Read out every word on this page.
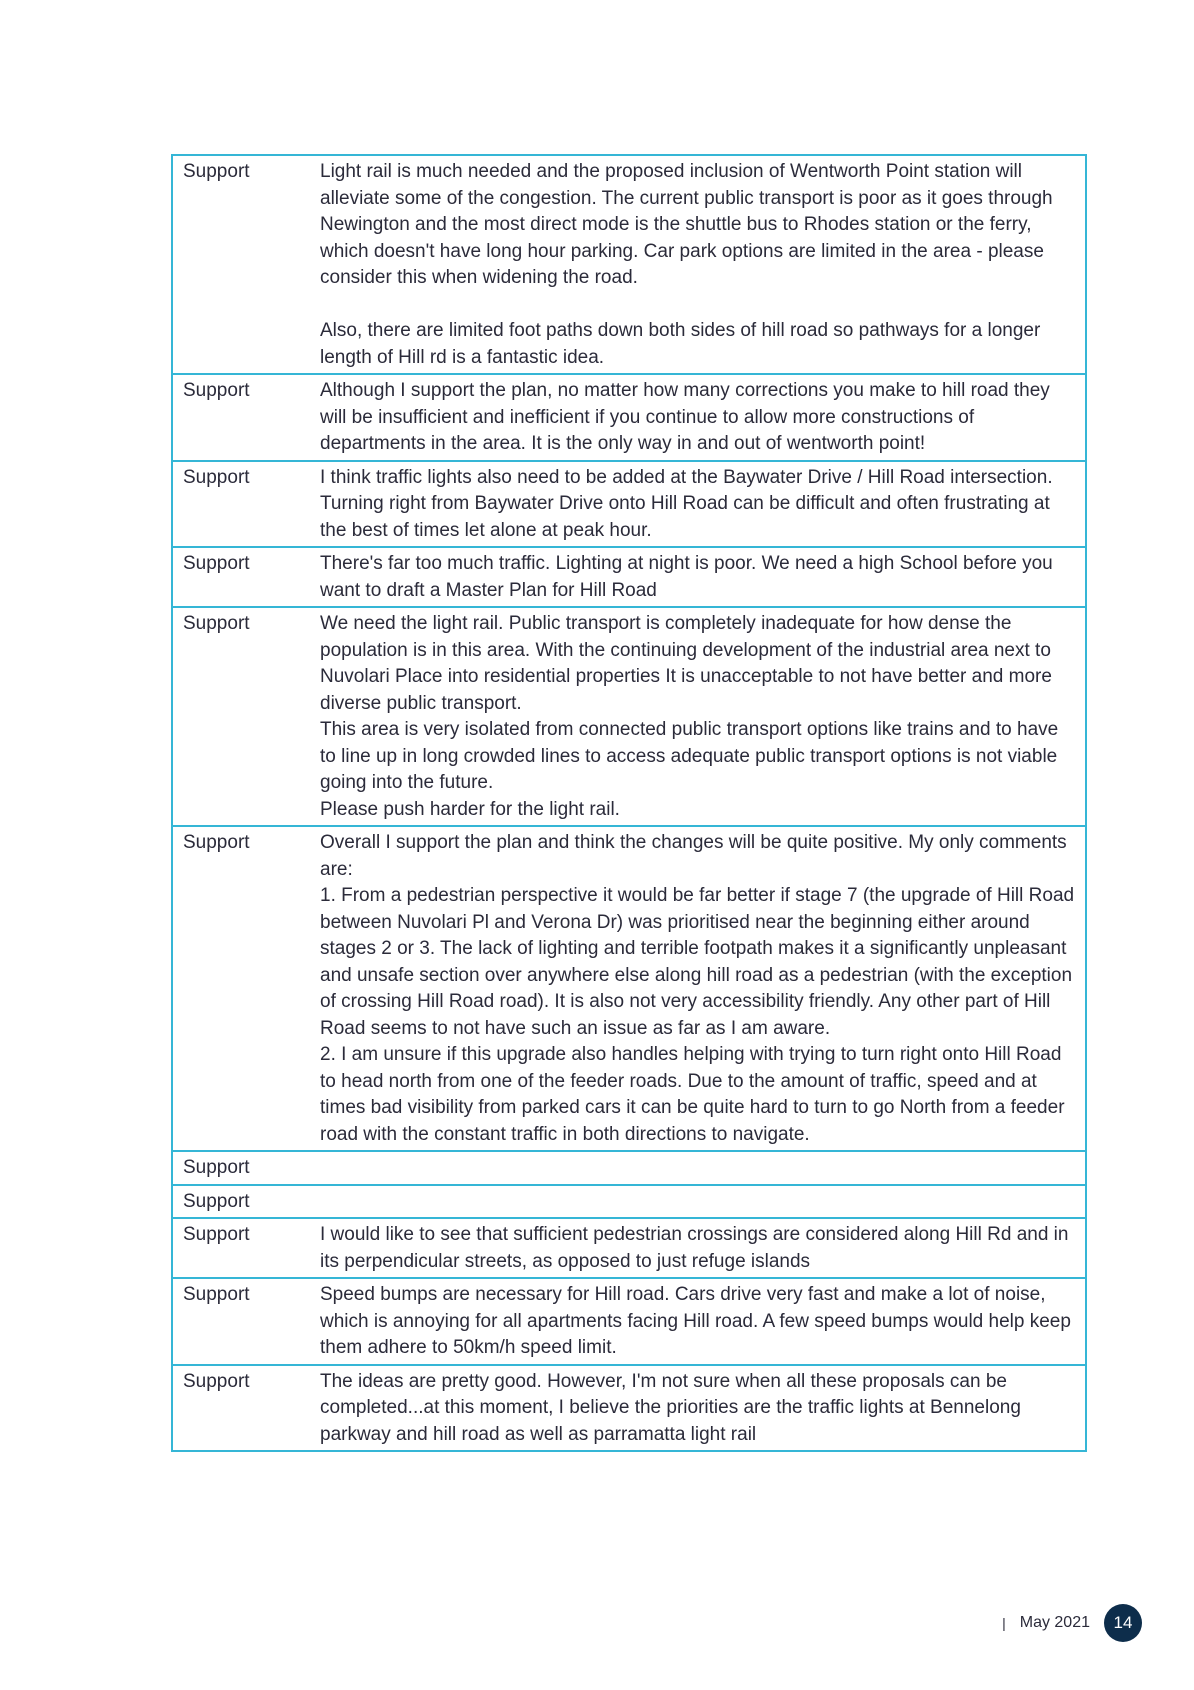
Support	Light rail is much needed and the proposed inclusion of Wentworth Point station will alleviate some of the congestion. The current public transport is poor as it goes through Newington and the most direct mode is the shuttle bus to Rhodes station or the ferry, which doesn't have long hour parking. Car park options are limited in the area - please consider this when widening the road.

Also, there are limited foot paths down both sides of hill road so pathways for a longer length of Hill rd is a fantastic idea.
Support	Although I support the plan, no matter how many corrections you make to hill road they will be insufficient and inefficient if you continue to allow more constructions of departments in the area. It is the only way in and out of wentworth point!
Support	I think traffic lights also need to be added at the Baywater Drive / Hill Road intersection. Turning right from Baywater Drive onto Hill Road can be difficult and often frustrating at the best of times let alone at peak hour.
Support	There's far too much traffic. Lighting at night is poor. We need a high School before you want to draft a Master Plan for Hill Road
Support	We need the light rail. Public transport is completely inadequate for how dense the population is in this area. With the continuing development of the industrial area next to Nuvolari Place into residential properties It is unacceptable to not have better and more diverse public transport.
This area is very isolated from connected public transport options like trains and to have to line up in long crowded lines to access adequate public transport options is not viable going into the future.
Please push harder for the light rail.
Support	Overall I support the plan and think the changes will be quite positive. My only comments are:
1. From a pedestrian perspective it would be far better if stage 7 (the upgrade of Hill Road between Nuvolari Pl and Verona Dr) was prioritised near the beginning either around stages 2 or 3. The lack of lighting and terrible footpath makes it a significantly unpleasant and unsafe section over anywhere else along hill road as a pedestrian (with the exception of crossing Hill Road road). It is also not very accessibility friendly. Any other part of Hill Road seems to not have such an issue as far as I am aware.
2. I am unsure if this upgrade also handles helping with trying to turn right onto Hill Road to head north from one of the feeder roads. Due to the amount of traffic, speed and at times bad visibility from parked cars it can be quite hard to turn to go North from a feeder road with the constant traffic in both directions to navigate.
Support	
Support	
Support	I would like to see that sufficient pedestrian crossings are considered along Hill Rd and in its perpendicular streets, as opposed to just refuge islands
Support	Speed bumps are necessary for Hill road. Cars drive very fast and make a lot of noise, which is annoying for all apartments facing Hill road. A few speed bumps would help keep them adhere to 50km/h speed limit.
Support	The ideas are pretty good. However, I'm not sure when all these proposals can be completed...at this moment, I believe the priorities are the traffic lights at Bennelong parkway and hill road as well as parramatta light rail
| May 2021	14
